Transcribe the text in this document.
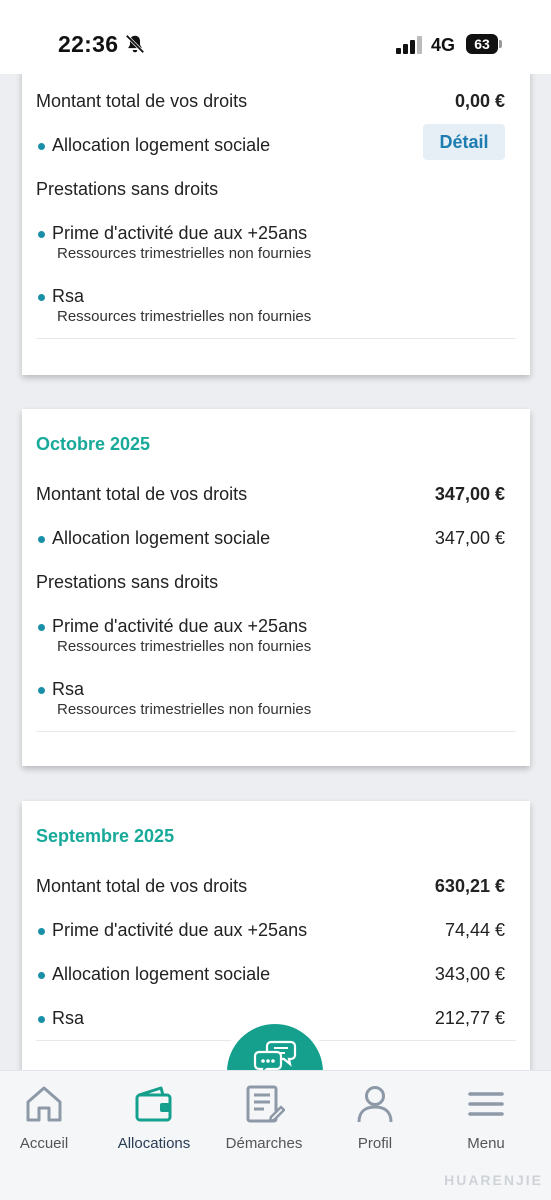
22:36	4G	63
Montant total de vos droits	0,00 €
Allocation logement sociale	Détail
Prestations sans droits
Prime d'activité due aux +25ans
Ressources trimestrielles non fournies
Rsa
Ressources trimestrielles non fournies
Octobre 2025
Montant total de vos droits	347,00 €
Allocation logement sociale	347,00 €
Prestations sans droits
Prime d'activité due aux +25ans
Ressources trimestrielles non fournies
Rsa
Ressources trimestrielles non fournies
Septembre 2025
Montant total de vos droits	630,21 €
Prime d'activité due aux +25ans	74,44 €
Allocation logement sociale	343,00 €
Rsa	212,77 €
Accueil	Allocations	Démarches	Profil	Menu
HUARENJIE
